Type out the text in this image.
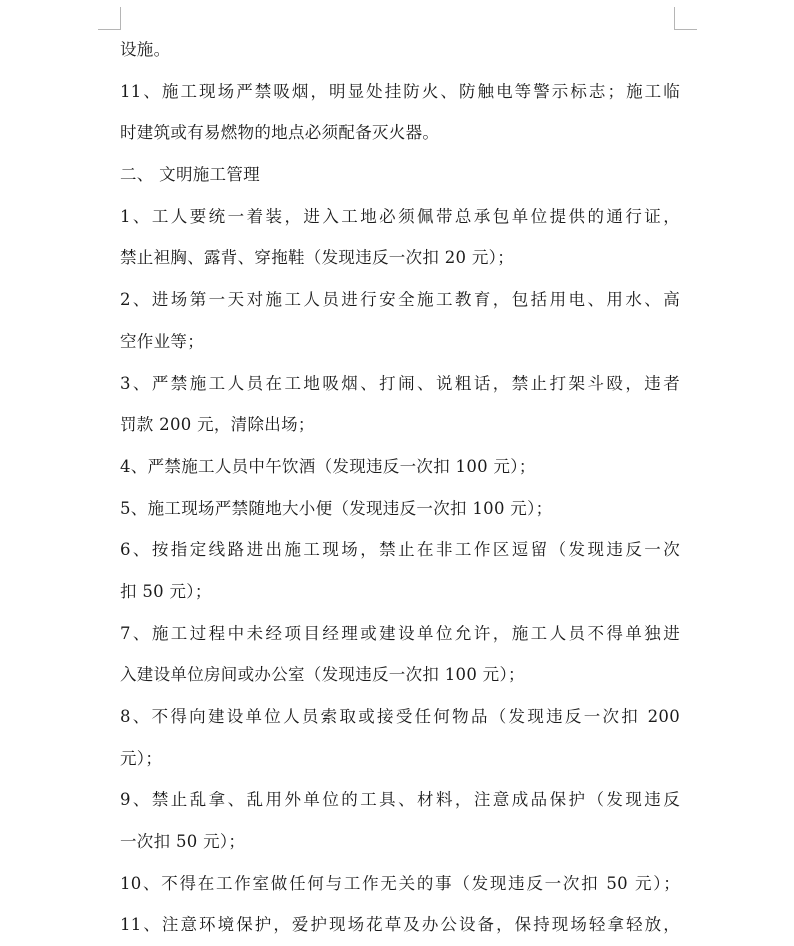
设施。
11、施工现场严禁吸烟，明显处挂防火、防触电等警示标志；施工临
时建筑或有易燃物的地点必须配备灭火器。
二、 文明施工管理
1、工人要统一着装，进入工地必须佩带总承包单位提供的通行证，
禁止袒胸、露背、穿拖鞋（发现违反一次扣 20 元）；
2、进场第一天对施工人员进行安全施工教育，包括用电、用水、高
空作业等；
3、严禁施工人员在工地吸烟、打闹、说粗话，禁止打架斗殴，违者
罚款 200 元，清除出场；
4、严禁施工人员中午饮酒（发现违反一次扣 100 元）；
5、施工现场严禁随地大小便（发现违反一次扣 100 元）；
6、按指定线路进出施工现场，禁止在非工作区逗留（发现违反一次
扣 50 元）；
7、施工过程中未经项目经理或建设单位允许，施工人员不得单独进
入建设单位房间或办公室（发现违反一次扣 100 元）；
8、不得向建设单位人员索取或接受任何物品（发现违反一次扣 200
元）；
9、禁止乱拿、乱用外单位的工具、材料，注意成品保护（发现违反
一次扣 50 元）；
10、不得在工作室做任何与工作无关的事（发现违反一次扣 50 元）；
11、注意环境保护，爱护现场花草及办公设备，保持现场轻拿轻放，
